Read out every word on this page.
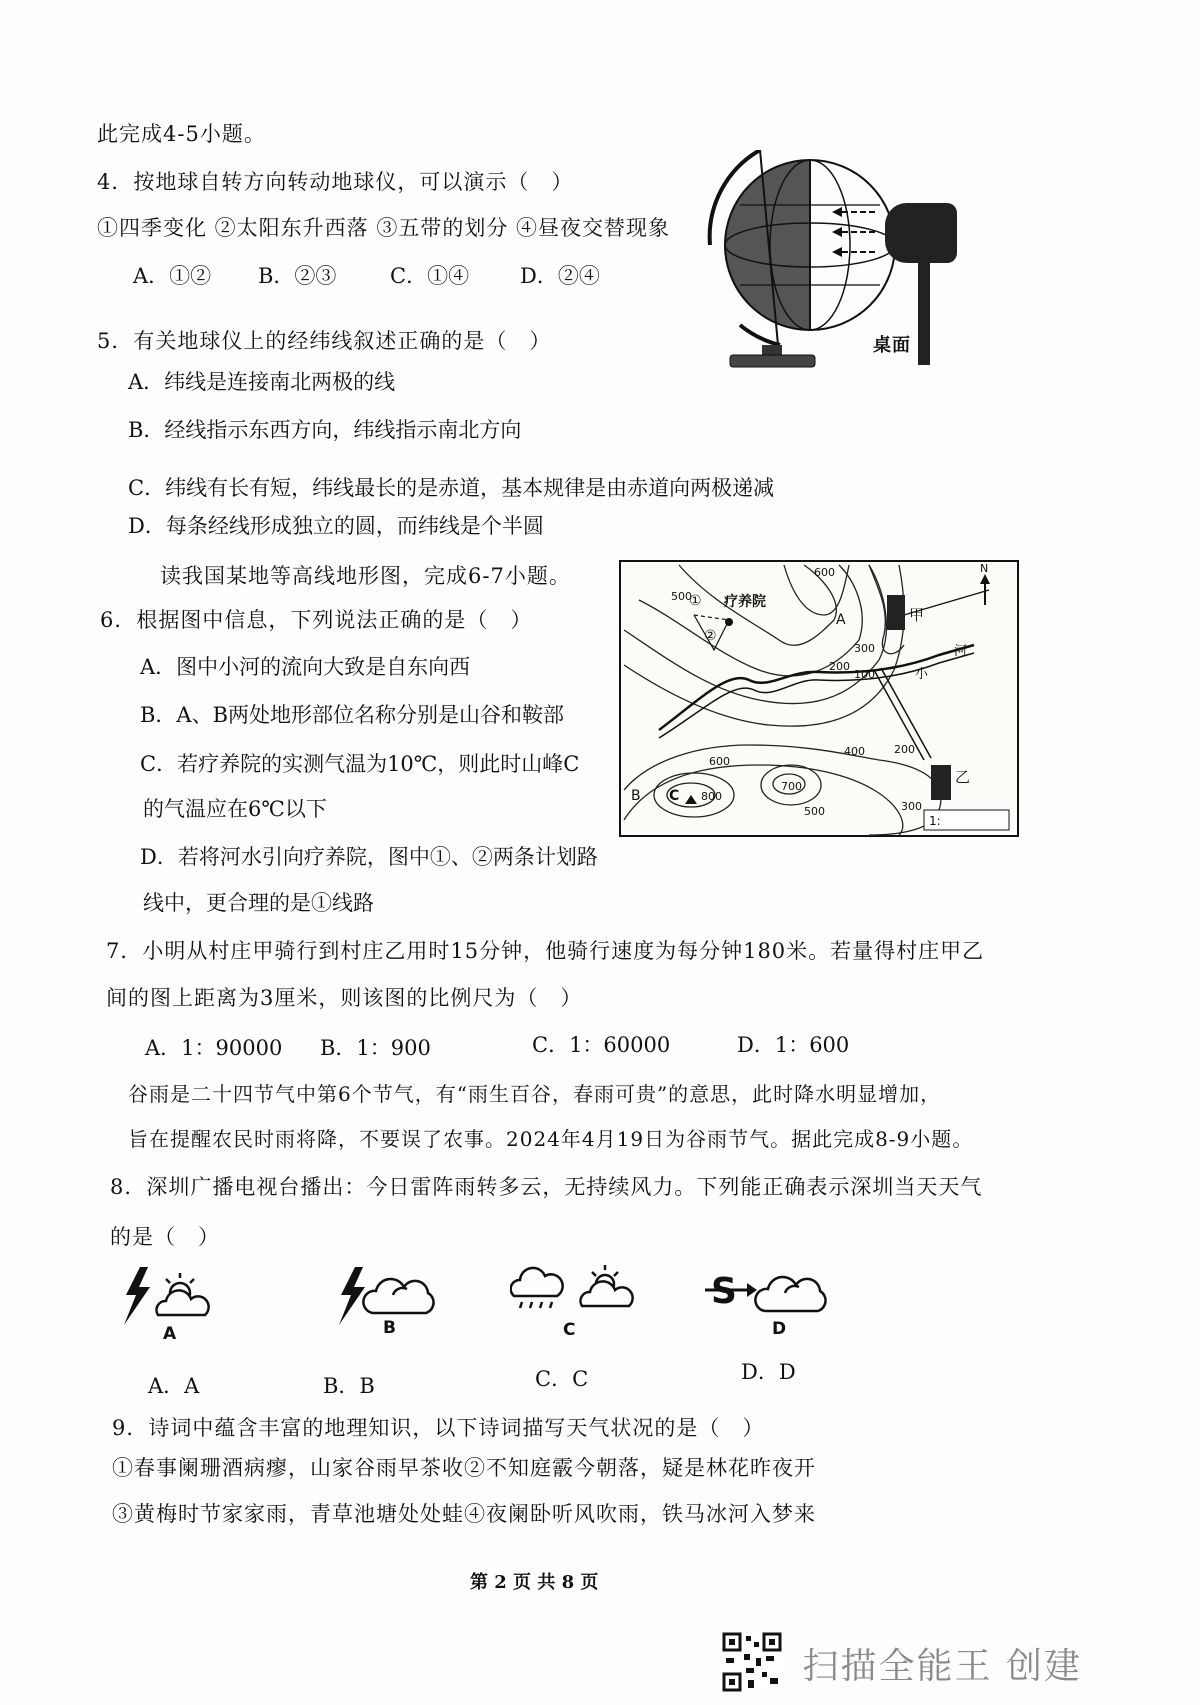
此完成4-5小题。
4．按地球自转方向转动地球仪，可以演示（　）
①四季变化 ②太阳东升西落 ③五带的划分 ④昼夜交替现象
A．①② B．②③	C．①④ D．②④
桌面
5．有关地球仪上的经纬线叙述正确的是（　）
A．纬线是连接南北两极的线
B．经线指示东西方向，纬线指示南北方向
C．纬线有长有短，纬线最长的是赤道，基本规律是由赤道向两极递减
D．每条经线形成独立的圆，而纬线是个半圆
读我国某地等高线地形图，完成6-7小题。	600
500
①
②
疗养院
A	甲
N
300
200
100	小
河
400	200
B C 800
700
600
500	300
乙
1:
6．根据图中信息，下列说法正确的是（　）
A．图中小河的流向大致是自东向西
B．A、B两处地形部位名称分别是山谷和鞍部
C．若疗养院的实测气温为10℃，则此时山峰C
的气温应在6℃以下
D．若将河水引向疗养院，图中①、②两条计划路
线中，更合理的是①线路
7．小明从村庄甲骑行到村庄乙用时15分钟，他骑行速度为每分钟180米。若量得村庄甲乙
间的图上距离为3厘米，则该图的比例尺为（　）
A．1：90000 B．1：900	C．1：60000	D．1：600
谷雨是二十四节气中第6个节气，有“雨生百谷，春雨可贵”的意思，此时降水明显增加，
旨在提醒农民时雨将降，不要误了农事。2024年4月19日为谷雨节气。据此完成8-9小题。
8．深圳广播电视台播出：今日雷阵雨转多云，无持续风力。下列能正确表示深圳当天天气
的是（　）
A	B	C
S
D
A．A	B．B	C．C	D．D
9．诗词中蕴含丰富的地理知识，以下诗词描写天气状况的是（　）
①春事阑珊酒病瘳，山家谷雨早茶收②不知庭霰今朝落，疑是林花昨夜开
③黄梅时节家家雨，青草池塘处处蛙④夜阑卧听风吹雨，铁马冰河入梦来
第 2 页 共 8 页
扫描全能王 创建
